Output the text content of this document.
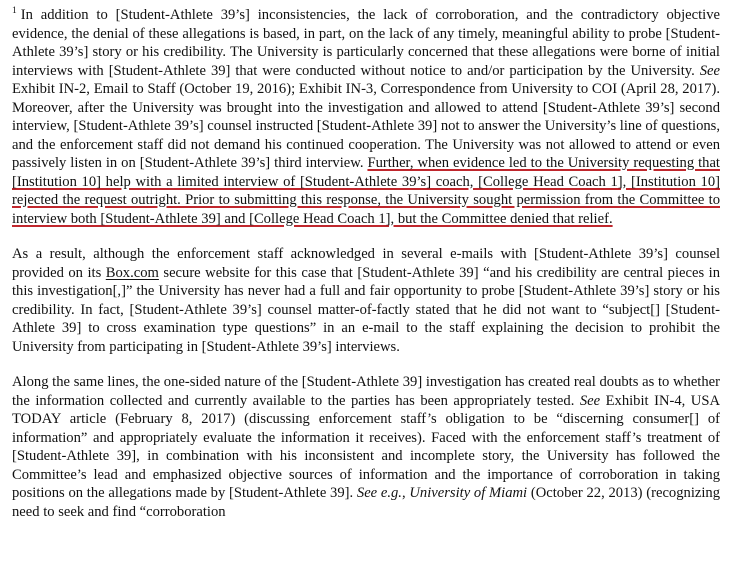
$^1$ In addition to [Student-Athlete 39’s] inconsistencies, the lack of corroboration, and the contradictory objective evidence, the denial of these allegations is based, in part, on the lack of any timely, meaningful ability to probe [Student-Athlete 39’s] story or his credibility. The University is particularly concerned that these allegations were borne of initial interviews with [Student-Athlete 39] that were conducted without notice to and/or participation by the University. See Exhibit IN-2, Email to Staff (October 19, 2016); Exhibit IN-3, Correspondence from University to COI (April 28, 2017). Moreover, after the University was brought into the investigation and allowed to attend [Student-Athlete 39’s] second interview, [Student-Athlete 39’s] counsel instructed [Student-Athlete 39] not to answer the University’s line of questions, and the enforcement staff did not demand his continued cooperation. The University was not allowed to attend or even passively listen in on [Student-Athlete 39’s] third interview. Further, when evidence led to the University requesting that [Institution 10] help with a limited interview of [Student-Athlete 39’s] coach, [College Head Coach 1], [Institution 10] rejected the request outright. Prior to submitting this response, the University sought permission from the Committee to interview both [Student-Athlete 39] and [College Head Coach 1], but the Committee denied that relief.

As a result, although the enforcement staff acknowledged in several e-mails with [Student-Athlete 39’s] counsel provided on its Box.com secure website for this case that [Student-Athlete 39] “and his credibility are central pieces in this investigation[,]” the University has never had a full and fair opportunity to probe [Student-Athlete 39’s] story or his credibility. In fact, [Student-Athlete 39’s] counsel matter-of-factly stated that he did not want to “subject[] [Student-Athlete 39] to cross examination type questions” in an e-mail to the staff explaining the decision to prohibit the University from participating in [Student-Athlete 39’s] interviews.

Along the same lines, the one-sided nature of the [Student-Athlete 39] investigation has created real doubts as to whether the information collected and currently available to the parties has been appropriately tested. See Exhibit IN-4, USA TODAY article (February 8, 2017) (discussing enforcement staff’s obligation to be “discerning consumer[] of information” and appropriately evaluate the information it receives). Faced with the enforcement staff’s treatment of [Student-Athlete 39], in combination with his inconsistent and incomplete story, the University has followed the Committee’s lead and emphasized objective sources of information and the importance of corroboration in taking positions on the allegations made by [Student-Athlete 39]. See e.g., University of Miami (October 22, 2013) (recognizing need to seek and find “corroboration
